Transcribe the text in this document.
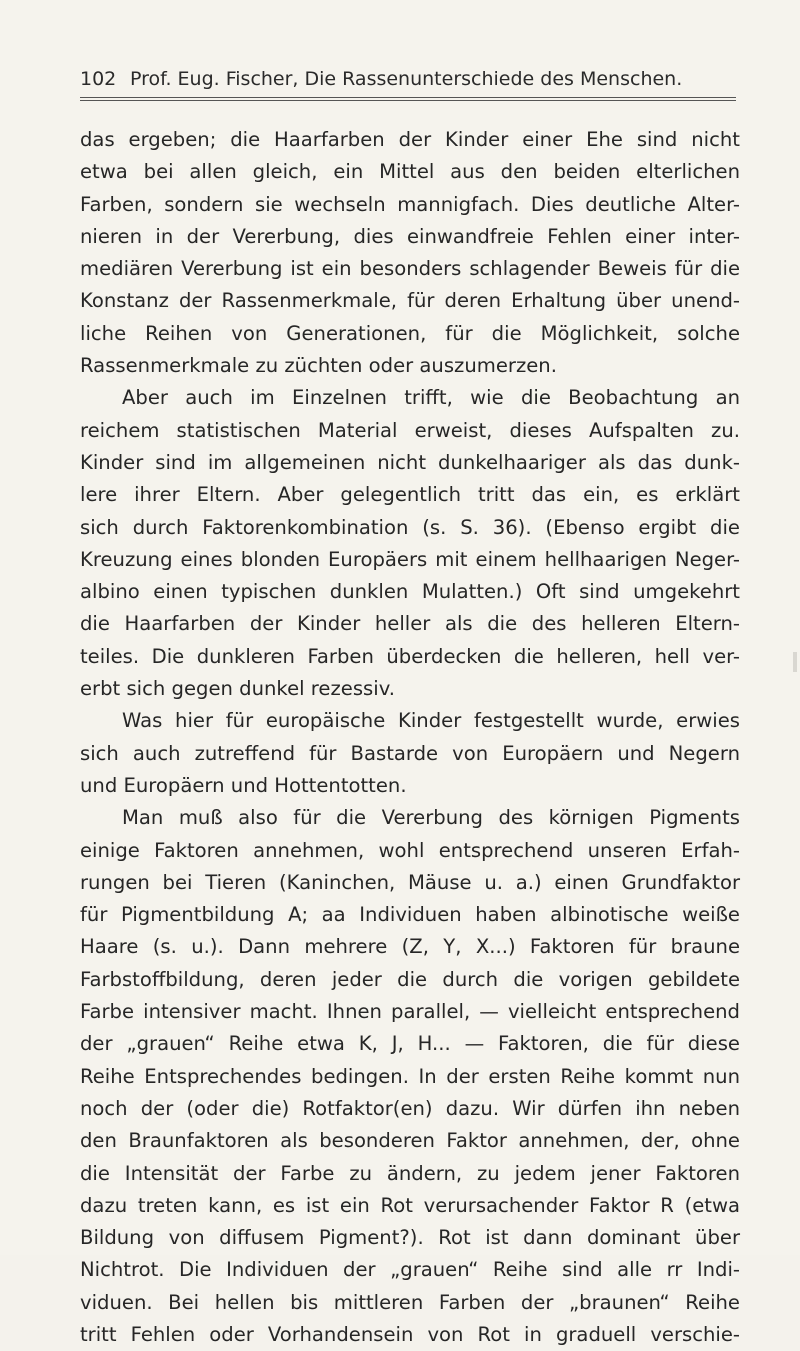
102 Prof. Eug. Fischer, Die Rassenunterschiede des Menschen.
das ergeben; die Haarfarben der Kinder einer Ehe sind nicht
etwa bei allen gleich, ein Mittel aus den beiden elterlichen
Farben, sondern sie wechseln mannigfach. Dies deutliche Alter-
nieren in der Vererbung, dies einwandfreie Fehlen einer inter-
mediären Vererbung ist ein besonders schlagender Beweis für die
Konstanz der Rassenmerkmale, für deren Erhaltung über unend-
liche Reihen von Generationen, für die Möglichkeit, solche
Rassenmerkmale zu züchten oder auszumerzen.
Aber auch im Einzelnen trifft, wie die Beobachtung an
reichem statistischen Material erweist, dieses Aufspalten zu.
Kinder sind im allgemeinen nicht dunkelhaariger als das dunk-
lere ihrer Eltern. Aber gelegentlich tritt das ein, es erklärt
sich durch Faktorenkombination (s. S. 36). (Ebenso ergibt die
Kreuzung eines blonden Europäers mit einem hellhaarigen Neger-
albino einen typischen dunklen Mulatten.) Oft sind umgekehrt
die Haarfarben der Kinder heller als die des helleren Eltern-
teiles. Die dunkleren Farben überdecken die helleren, hell ver-
erbt sich gegen dunkel rezessiv.
Was hier für europäische Kinder festgestellt wurde, erwies
sich auch zutreffend für Bastarde von Europäern und Negern
und Europäern und Hottentotten.
Man muß also für die Vererbung des körnigen Pigments
einige Faktoren annehmen, wohl entsprechend unseren Erfah-
rungen bei Tieren (Kaninchen, Mäuse u. a.) einen Grundfaktor
für Pigmentbildung A; aa Individuen haben albinotische weiße
Haare (s. u.). Dann mehrere (Z, Y, X...) Faktoren für braune
Farbstoffbildung, deren jeder die durch die vorigen gebildete
Farbe intensiver macht. Ihnen parallel, — vielleicht entsprechend
der „grauen“ Reihe etwa K, J, H... — Faktoren, die für diese
Reihe Entsprechendes bedingen. In der ersten Reihe kommt nun
noch der (oder die) Rotfaktor(en) dazu. Wir dürfen ihn neben
den Braunfaktoren als besonderen Faktor annehmen, der, ohne
die Intensität der Farbe zu ändern, zu jedem jener Faktoren
dazu treten kann, es ist ein Rot verursachender Faktor R (etwa
Bildung von diffusem Pigment?). Rot ist dann dominant über
Nichtrot. Die Individuen der „grauen“ Reihe sind alle rr Indi-
viduen. Bei hellen bis mittleren Farben der „braunen“ Reihe
tritt Fehlen oder Vorhandensein von Rot in graduell verschie-
